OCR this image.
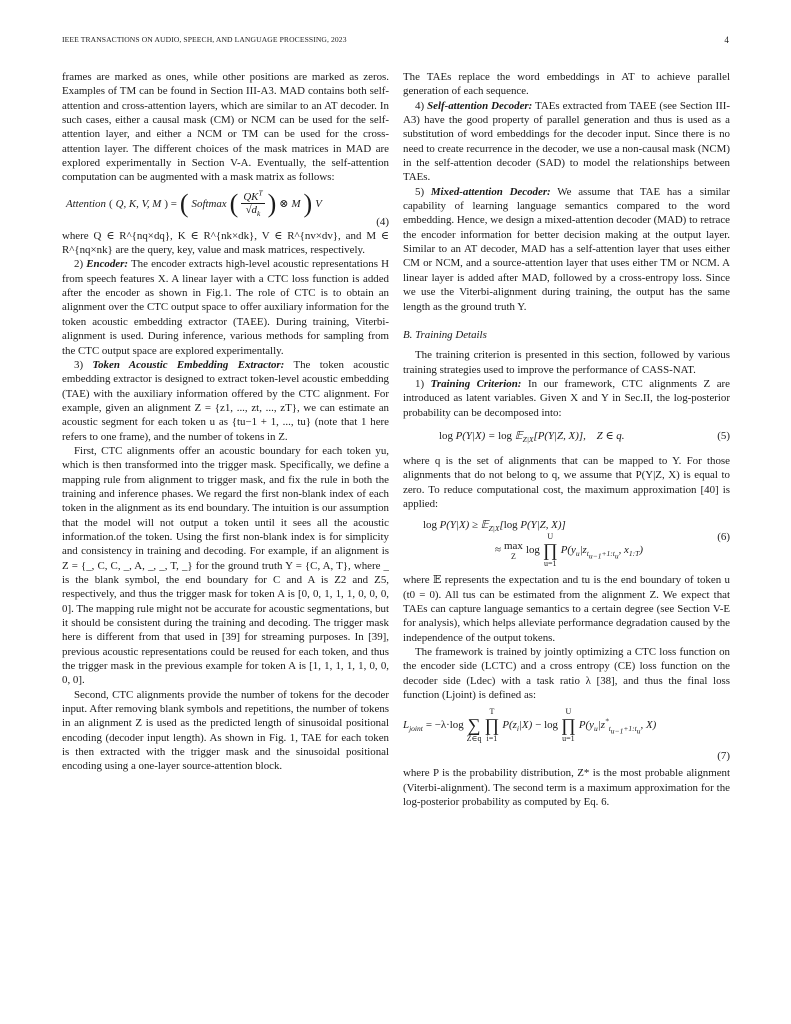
IEEE TRANSACTIONS ON AUDIO, SPEECH, AND LANGUAGE PROCESSING, 2023	4

frames are marked as ones, while other positions are marked as zeros. Examples of TM can be found in Section III-A3. MAD contains both self-attention and cross-attention layers, which are similar to an AT decoder. In such cases, either a causal mask (CM) or NCM can be used for the self-attention layer, and either a NCM or TM can be used for the cross-attention layer. The different choices of the mask matrices in MAD are explored experimentally in Section V-A. Eventually, the self-attention computation can be augmented with a mask matrix as follows:

Attention ( Q, K, V, M ) = ( Softmax ( $\frac{QK^T}{√d_k}$ ) ⊗ M ) V
(4)

where Q ∈ R^{nq×dq}, K ∈ R^{nk×dk}, V ∈ R^{nv×dv}, and M ∈ R^{nq×nk} are the query, key, value and mask matrices, respectively.

2) Encoder: The encoder extracts high-level acoustic representations H from speech features X. A linear layer with a CTC loss function is added after the encoder as shown in Fig.1. The role of CTC is to obtain an alignment over the CTC output space to offer auxiliary information for the token acoustic embedding extractor (TAEE). During training, Viterbi-alignment is used. During inference, various methods for sampling from the CTC output space are explored experimentally.

3) Token Acoustic Embedding Extractor: The token acoustic embedding extractor is designed to extract token-level acoustic embedding (TAE) with the auxiliary information offered by the CTC alignment. For example, given an alignment Z = {z1, ..., zt, ..., zT}, we can estimate an acoustic segment for each token u as {tu−1 + 1, ..., tu} (note that 1 here refers to one frame), and the number of tokens in Z.

First, CTC alignments offer an acoustic boundary for each token yu, which is then transformed into the trigger mask. Specifically, we define a mapping rule from alignment to trigger mask, and fix the rule in both the training and inference phases. We regard the first non-blank index of each token in the alignment as its end boundary. The intuition is our assumption that the model will not output a token until it sees all the acoustic information.of the token. Using the first non-blank index is for simplicity and consistency in training and decoding. For example, if an alignment is Z = {_, C, C, _, A, _, _, T, _} for the ground truth Y = {C, A, T}, where _ is the blank symbol, the end boundary for C and A is Z2 and Z5, respectively, and thus the trigger mask for token A is [0, 0, 1, 1, 1, 0, 0, 0, 0]. The mapping rule might not be accurate for acoustic segmentations, but it should be consistent during the training and decoding. The trigger mask here is different from that used in [39] for streaming purposes. In [39], previous acoustic representations could be reused for each token, and thus the trigger mask in the previous example for token A is [1, 1, 1, 1, 1, 0, 0, 0, 0].

Second, CTC alignments provide the number of tokens for the decoder input. After removing blank symbols and repetitions, the number of tokens in an alignment Z is used as the predicted length of sinusoidal positional encoding (decoder input length). As shown in Fig. 1, TAE for each token is then extracted with the trigger mask and the sinusoidal positional encoding using a one-layer source-attention block.

The TAEs replace the word embeddings in AT to achieve parallel generation of each sequence.

4) Self-attention Decoder: TAEs extracted from TAEE (see Section III-A3) have the good property of parallel generation and thus is used as a substitution of word embeddings for the decoder input. Since there is no need to create recurrence in the decoder, we use a non-causal mask (NCM) in the self-attention decoder (SAD) to model the relationships between TAEs.

5) Mixed-attention Decoder: We assume that TAE has a similar capability of learning language semantics compared to the word embedding. Hence, we design a mixed-attention decoder (MAD) to retrace the encoder information for better decision making at the output layer. Similar to an AT decoder, MAD has a self-attention layer that uses either CM or NCM, and a source-attention layer that uses either TM or NCM. A linear layer is added after MAD, followed by a cross-entropy loss. Since we use the Viterbi-alignment during training, the output has the same length as the ground truth Y.

B. Training Details

The training criterion is presented in this section, followed by various training strategies used to improve the performance of CASS-NAT.

1) Training Criterion: In our framework, CTC alignments Z are introduced as latent variables. Given X and Y in Sec.II, the log-posterior probability can be decomposed into:

log P(Y|X) = log 𝔼$_{Z|X}$[P(Y|Z, X)],    Z ∈ q.	(5)

where q is the set of alignments that can be mapped to Y. For those alignments that do not belong to q, we assume that P(Y|Z, X) is equal to zero. To reduce computational cost, the maximum approximation [40] is applied:

log P(Y|X) ≥ 𝔼$_{Z|X}$[log P(Y|Z, X)]
≈ max
Z
log
U
∏
u=1
$P(y_u|z_{t_{u-1}+1:t_u}$, $x_{1:T}$)
(6)

where 𝔼 represents the expectation and tu is the end boundary of token u (t0 = 0). All tus can be estimated from the alignment Z. We expect that TAEs can capture language semantics to a certain degree (see Section V-E for analysis), which helps alleviate performance degradation caused by the independence of the output tokens.

The framework is trained by jointly optimizing a CTC loss function on the encoder side (LCTC) and a cross entropy (CE) loss function on the decoder side (Ldec) with a task ratio λ [38], and thus the final loss function (Ljoint) is defined as:

$L_{joint} = -\lambda\cdot\log$
∑
Z∈q
T
∏
i=1
$P(z_i|X) - \log$
U
∏
u=1
$P(y_u|z^*_{t_{u-1}+1:t_u}$, X)
(7)

where P is the probability distribution, Z* is the most probable alignment (Viterbi-alignment). The second term is a maximum approximation for the log-posterior probability as computed by Eq. 6.
